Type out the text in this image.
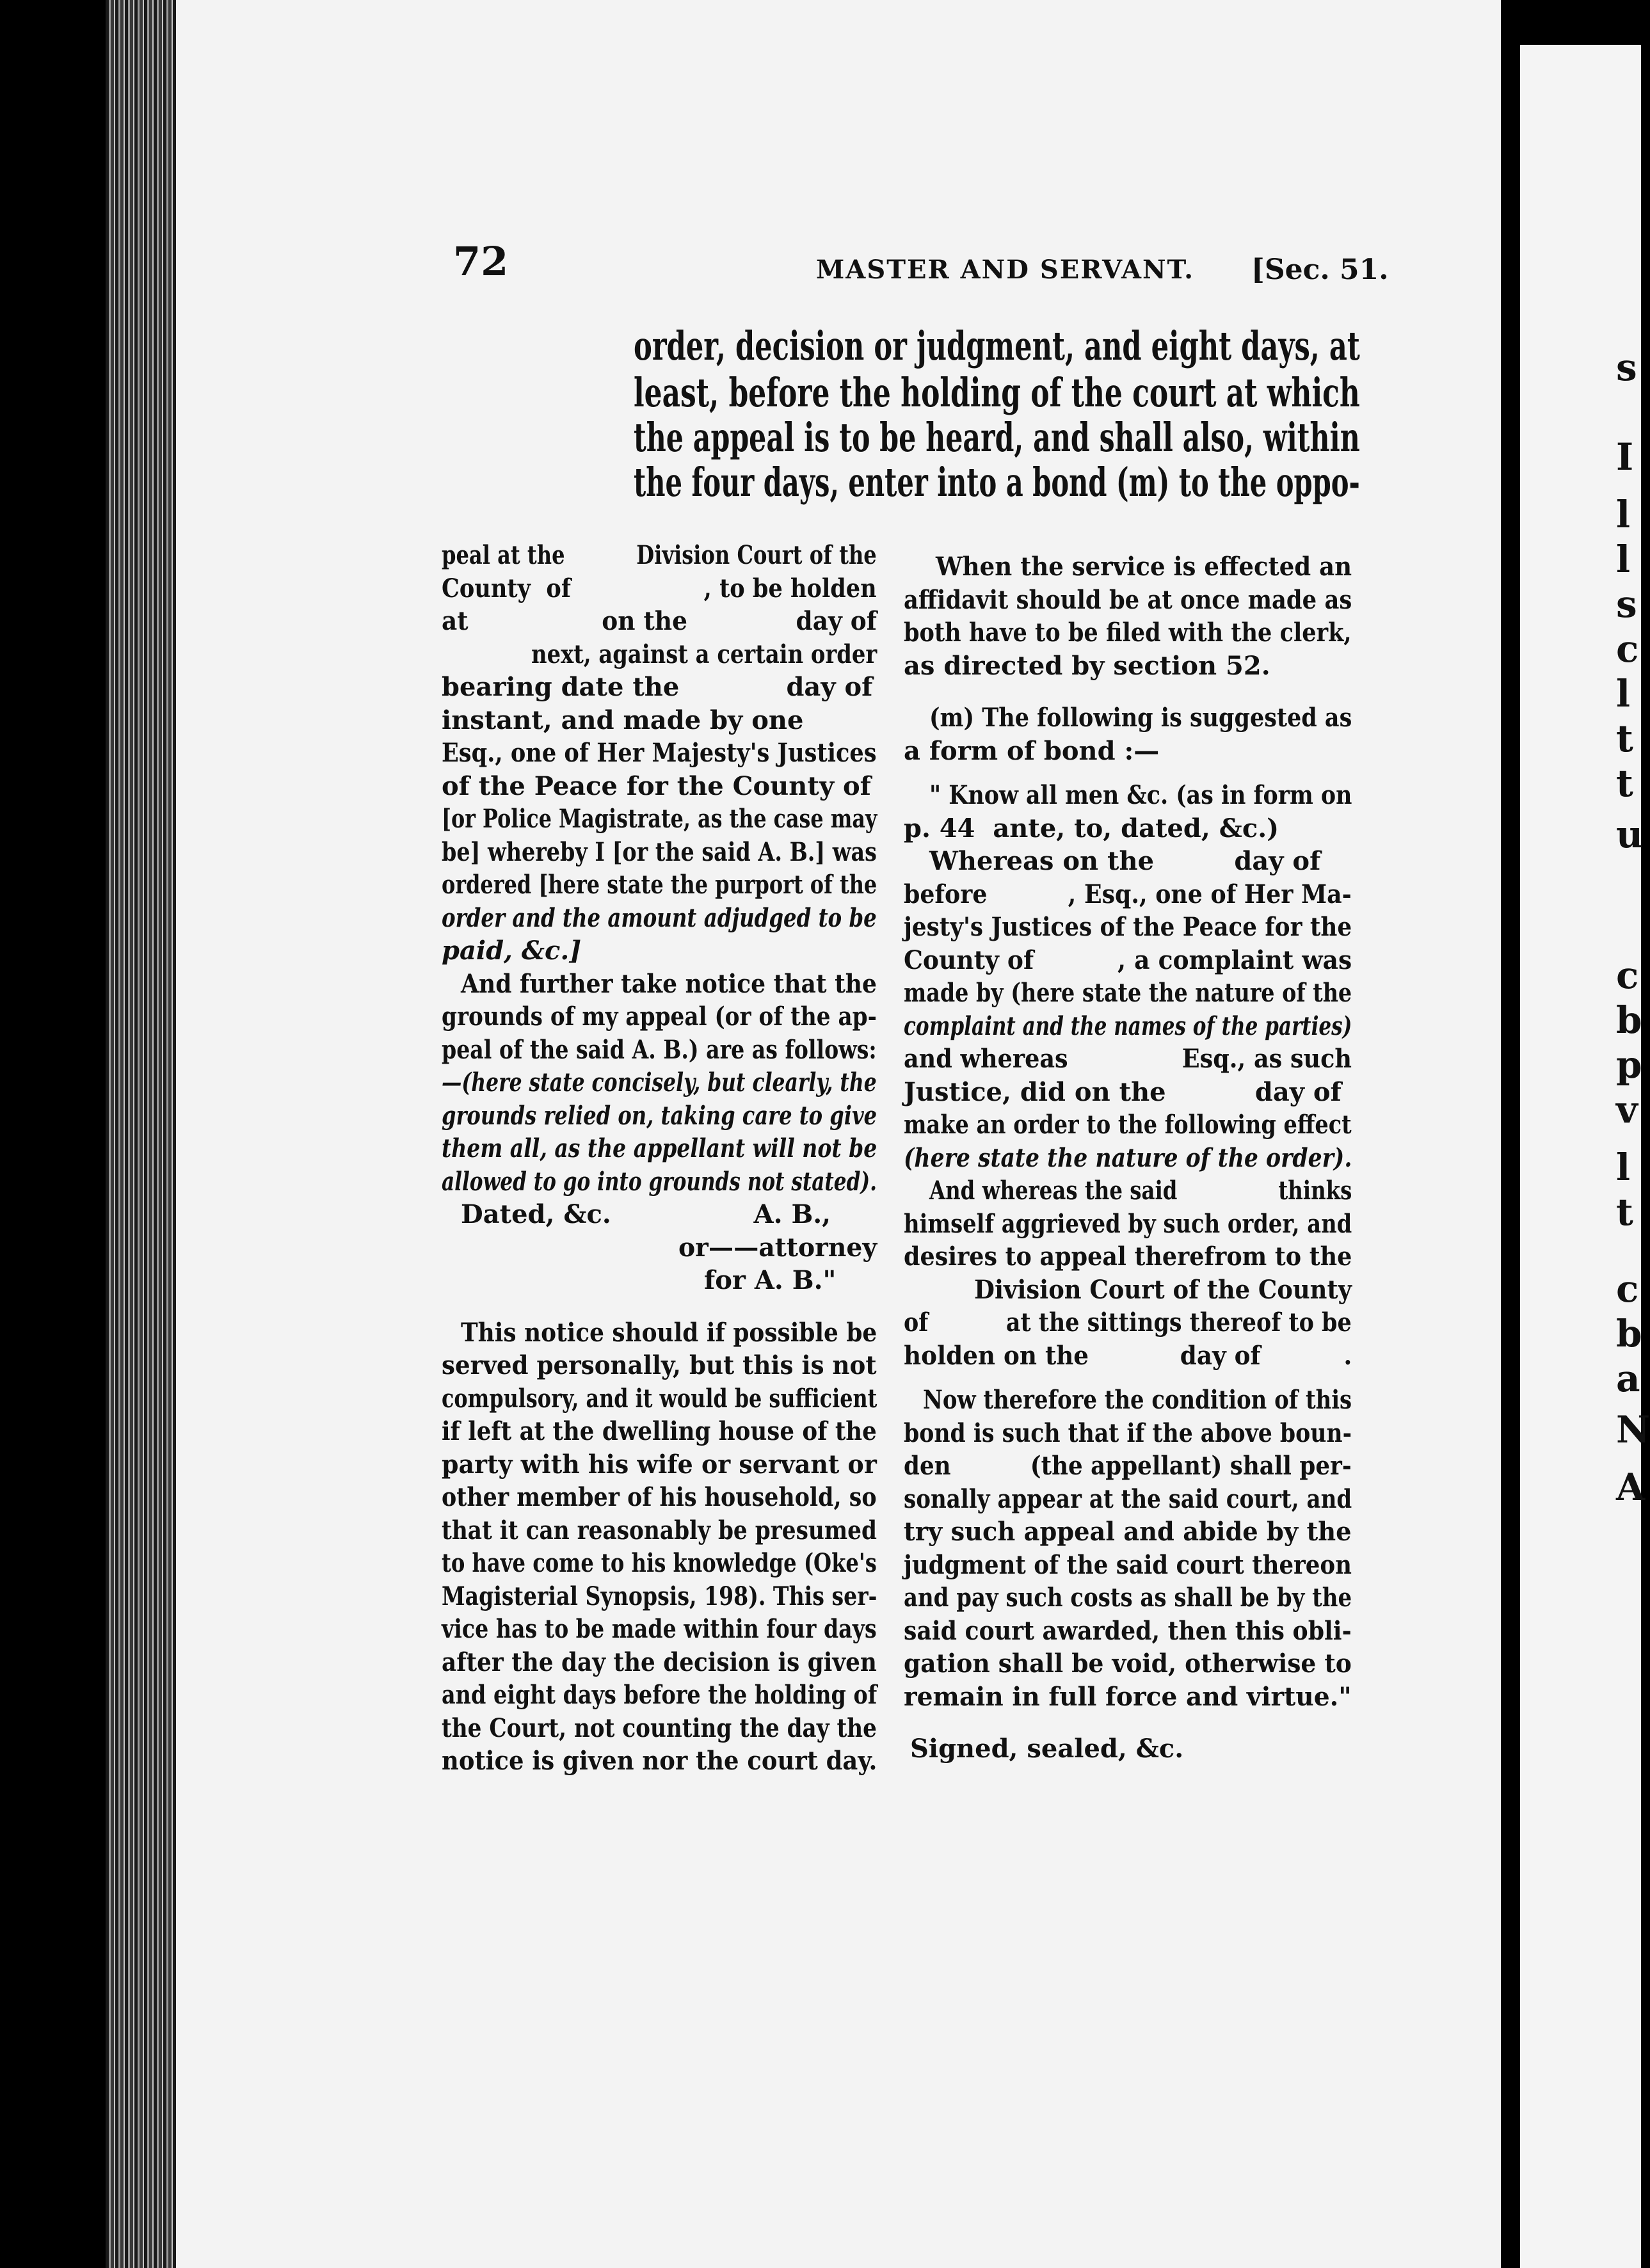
s
I
l
l
s
c
l
t
t
u
c
b
p
v
l
t
c
b
a
N
A
72	MASTER AND SERVANT. [Sec. 51.
order, decision or judgment, and eight days, at
least, before the holding of the court at which
the appeal is to be heard, and shall also, within
the four days, enter into a bond (m) to the oppo-
peal at the          Division Court of the
County  of                 , to be holden
at                on the             day of
next, against a certain order
bearing date the            day of
instant, and made by one
Esq., one of Her Majesty's Justices
of the Peace for the County of
[or Police Magistrate, as the case may
be] whereby I [or the said A. B.] was
ordered [here state the purport of the
order and the amount adjudged to be
paid, &c.]
And further take notice that the
grounds of my appeal (or of the ap-
peal of the said A. B.) are as follows:
—(here state concisely, but clearly, the
grounds relied on, taking care to give
them all, as the appellant will not be
allowed to go into grounds not stated).
Dated, &c.                A. B.,
or——attorney
for A. B."
This notice should if possible be
served personally, but this is not
compulsory, and it would be sufficient
if left at the dwelling house of the
party with his wife or servant or
other member of his household, so
that it can reasonably be presumed
to have come to his knowledge (Oke's
Magisterial Synopsis, 198). This ser-
vice has to be made within four days
after the day the decision is given
and eight days before the holding of
the Court, not counting the day the
notice is given nor the court day.
When the service is effected an
affidavit should be at once made as
both have to be filed with the clerk,
as directed by section 52.
(m) The following is suggested as
a form of bond :—
" Know all men &c. (as in form on
p. 44  ante, to, dated, &c.)
Whereas on the         day of
before          , Esq., one of Her Ma-
jesty's Justices of the Peace for the
County of          , a complaint was
made by (here state the nature of the
complaint and the names of the parties)
and whereas              Esq., as such
Justice, did on the          day of
make an order to the following effect
(here state the nature of the order).
And whereas the said              thinks
himself aggrieved by such order, and
desires to appeal therefrom to the
Division Court of the County
of          at the sittings thereof to be
holden on the           day of          .
Now therefore the condition of this
bond is such that if the above boun-
den          (the appellant) shall per-
sonally appear at the said court, and
try such appeal and abide by the
judgment of the said court thereon
and pay such costs as shall be by the
said court awarded, then this obli-
gation shall be void, otherwise to
remain in full force and virtue."
Signed, sealed, &c.
